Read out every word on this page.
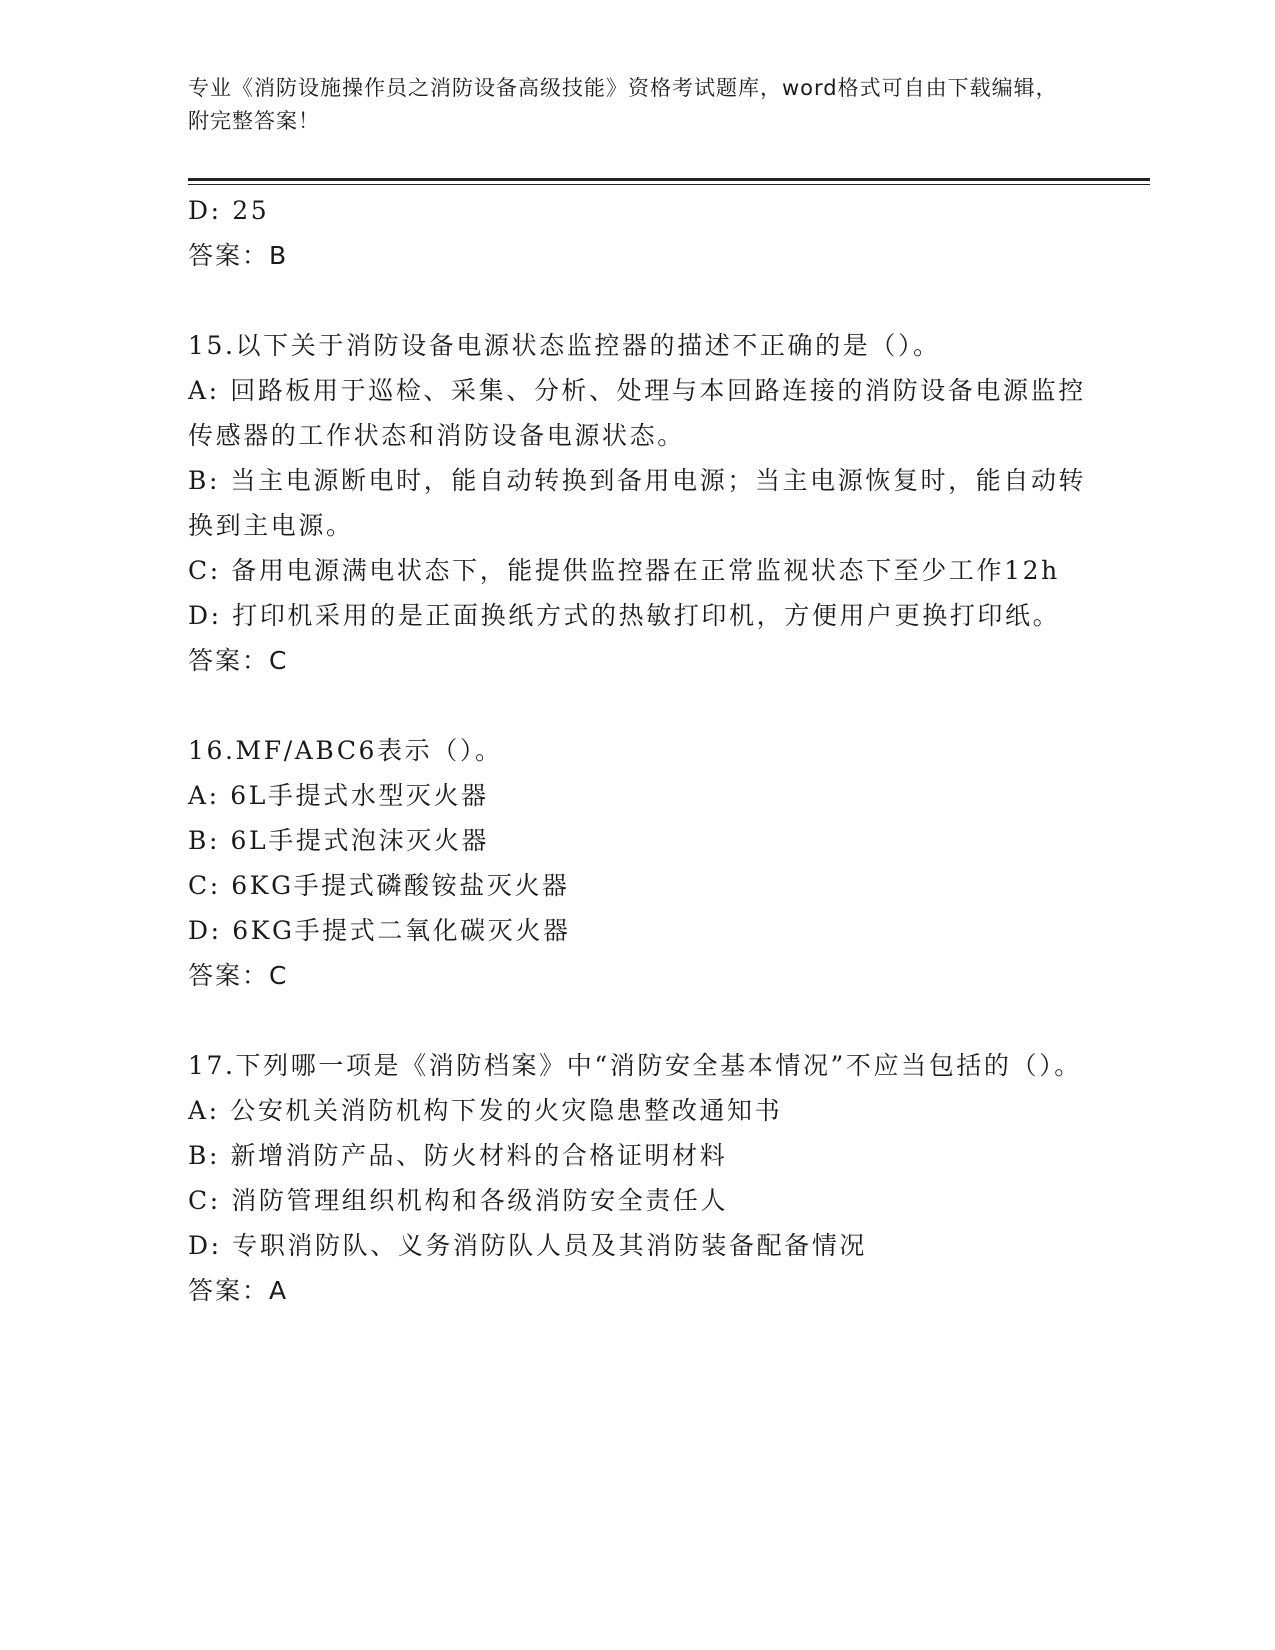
专业《消防设施操作员之消防设备高级技能》资格考试题库，word格式可自由下载编辑，附完整答案！
D: 25
答案：B
15.以下关于消防设备电源状态监控器的描述不正确的是（）。
A: 回路板用于巡检、采集、分析、处理与本回路连接的消防设备电源监控传感器的工作状态和消防设备电源状态。
B: 当主电源断电时，能自动转换到备用电源；当主电源恢复时，能自动转换到主电源。
C: 备用电源满电状态下，能提供监控器在正常监视状态下至少工作12h
D: 打印机采用的是正面换纸方式的热敏打印机，方便用户更换打印纸。
答案：C
16.MF/ABC6表示（）。
A: 6L手提式水型灭火器
B: 6L手提式泡沫灭火器
C: 6KG手提式磷酸铵盐灭火器
D: 6KG手提式二氧化碳灭火器
答案：C
17.下列哪一项是《消防档案》中“消防安全基本情况”不应当包括的（）。
A: 公安机关消防机构下发的火灾隐患整改通知书
B: 新增消防产品、防火材料的合格证明材料
C: 消防管理组织机构和各级消防安全责任人
D: 专职消防队、义务消防队人员及其消防装备配备情况
答案：A
